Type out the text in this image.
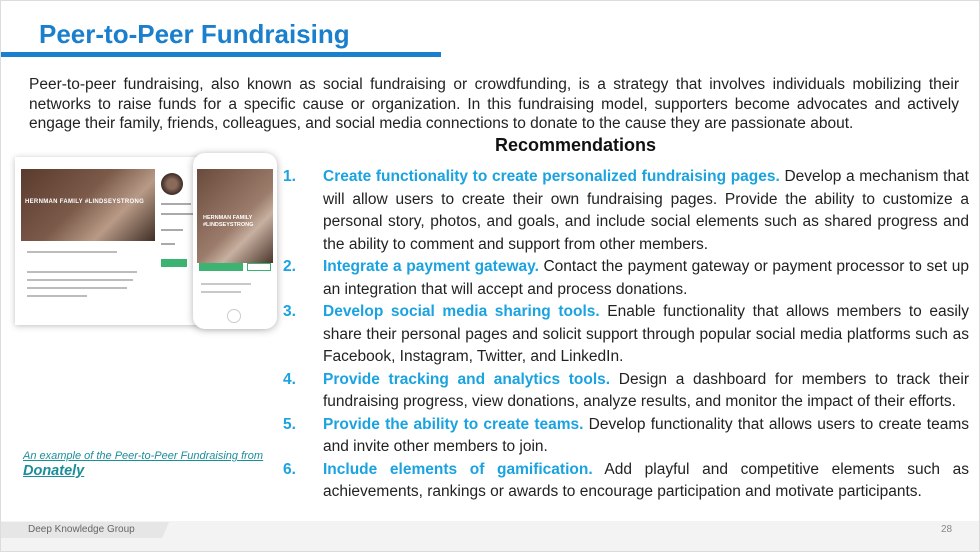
Peer-to-Peer Fundraising
Peer-to-peer fundraising, also known as social fundraising or crowdfunding, is a strategy that involves individuals mobilizing their networks to raise funds for a specific cause or organization. In this fundraising model, supporters become advocates and actively engage their family, friends, colleagues, and social media connections to donate to the cause they are passionate about.
HERNMAN FAMILY #LINDSEYSTRONG
HERNMAN FAMILY #LINDSEYSTRONG
An example of the Peer-to-Peer Fundraising from
Donately
Recommendations
1. Create functionality to create personalized fundraising pages. Develop a mechanism that will allow users to create their own fundraising pages. Provide the ability to customize a personal story, photos, and goals, and include social elements such as shared progress and the ability to comment and support from other members.
2. Integrate a payment gateway. Contact the payment gateway or payment processor to set up an integration that will accept and process donations.
3. Develop social media sharing tools. Enable functionality that allows members to easily share their personal pages and solicit support through popular social media platforms such as Facebook, Instagram, Twitter, and LinkedIn.
4. Provide tracking and analytics tools. Design a dashboard for members to track their fundraising progress, view donations, analyze results, and monitor the impact of their efforts.
5. Provide the ability to create teams. Develop functionality that allows users to create teams and invite other members to join.
6. Include elements of gamification. Add playful and competitive elements such as achievements, rankings or awards to encourage participation and motivate participants.
Deep Knowledge Group	28
